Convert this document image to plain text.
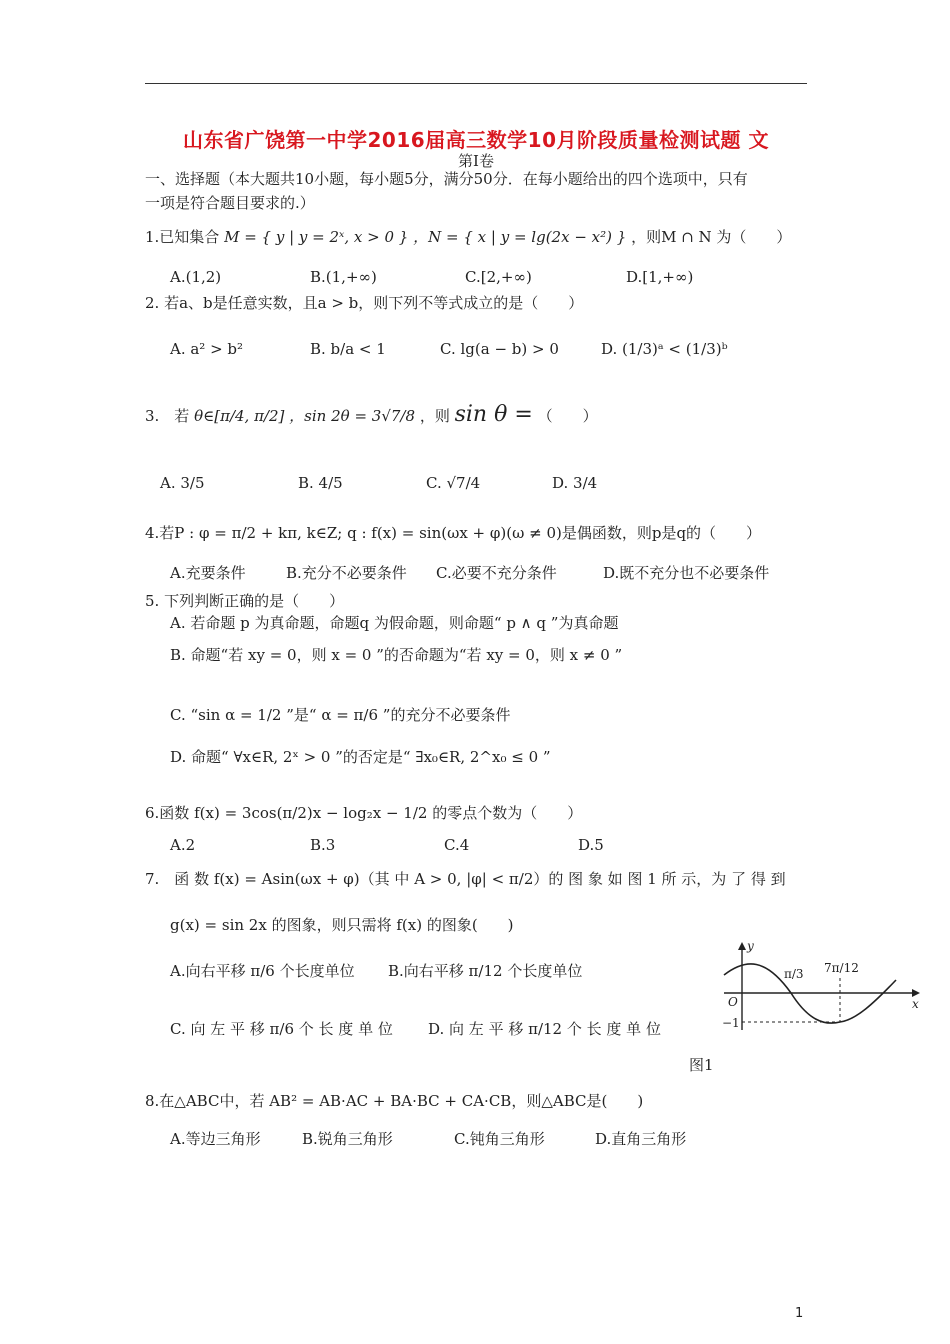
山东省广饶第一中学2016届高三数学10月阶段质量检测试题 文
第Ⅰ卷
一、选择题（本大题共10小题，每小题5分，满分50分．在每小题给出的四个选项中，只有
一项是符合题目要求的.）
1.已知集合 M = { y | y = 2ˣ, x > 0 } ，N = { x | y = lg(2x − x²) } ，则M ∩ N 为（　　）
A.(1,2)	B.(1,+∞)	C.[2,+∞)	D.[1,+∞)
2. 若a、b是任意实数，且a > b，则下列不等式成立的是（　　）
A. a² > b²	B. b/a < 1	C. lg(a − b) > 0	D. (1/3)ᵃ < (1/3)ᵇ
3.　若 θ∈[π/4, π/2] ，sin 2θ = 3√7/8 ，则 sin θ = （　　）
A. 3/5	B. 4/5	C. √7/4	D. 3/4
4.若P : φ = π/2 + kπ, k∈Z; q : f(x) = sin(ωx + φ)(ω ≠ 0)是偶函数，则p是q的（　　）
A.充要条件	B.充分不必要条件 C.必要不充分条件	D.既不充分也不必要条件
5. 下列判断正确的是（　　）
A. 若命题 p 为真命题，命题q 为假命题，则命题“ p ∧ q ”为真命题
B. 命题“若 xy = 0，则 x = 0 ”的否命题为“若 xy = 0，则 x ≠ 0 ”
C. “sin α = 1/2 ”是“ α = π/6 ”的充分不必要条件
D. 命题“ ∀x∈R, 2ˣ > 0 ”的否定是“ ∃x₀∈R, 2^x₀ ≤ 0 ”
6.函数 f(x) = 3cos(π/2)x − log₂x − 1/2 的零点个数为（　　）
A.2	B.3	C.4	D.5
7.　函 数 f(x) = Asin(ωx + φ)（其 中 A > 0, |φ| < π/2）的 图 象 如 图 1 所 示，为 了 得 到
g(x) = sin 2x 的图象，则只需将 f(x) 的图象(　　)
A.向右平移 π/6 个长度单位 B.向右平移 π/12 个长度单位
C. 向 左 平 移 π/6 个 长 度 单 位 D. 向 左 平 移 π/12 个 长 度 单 位
y
x
O
π/3 7π/12
−1
图1
8.在△ABC中，若 AB² = AB·AC + BA·BC + CA·CB，则△ABC是(　　)
A.等边三角形	B.锐角三角形	C.钝角三角形	D.直角三角形
1
